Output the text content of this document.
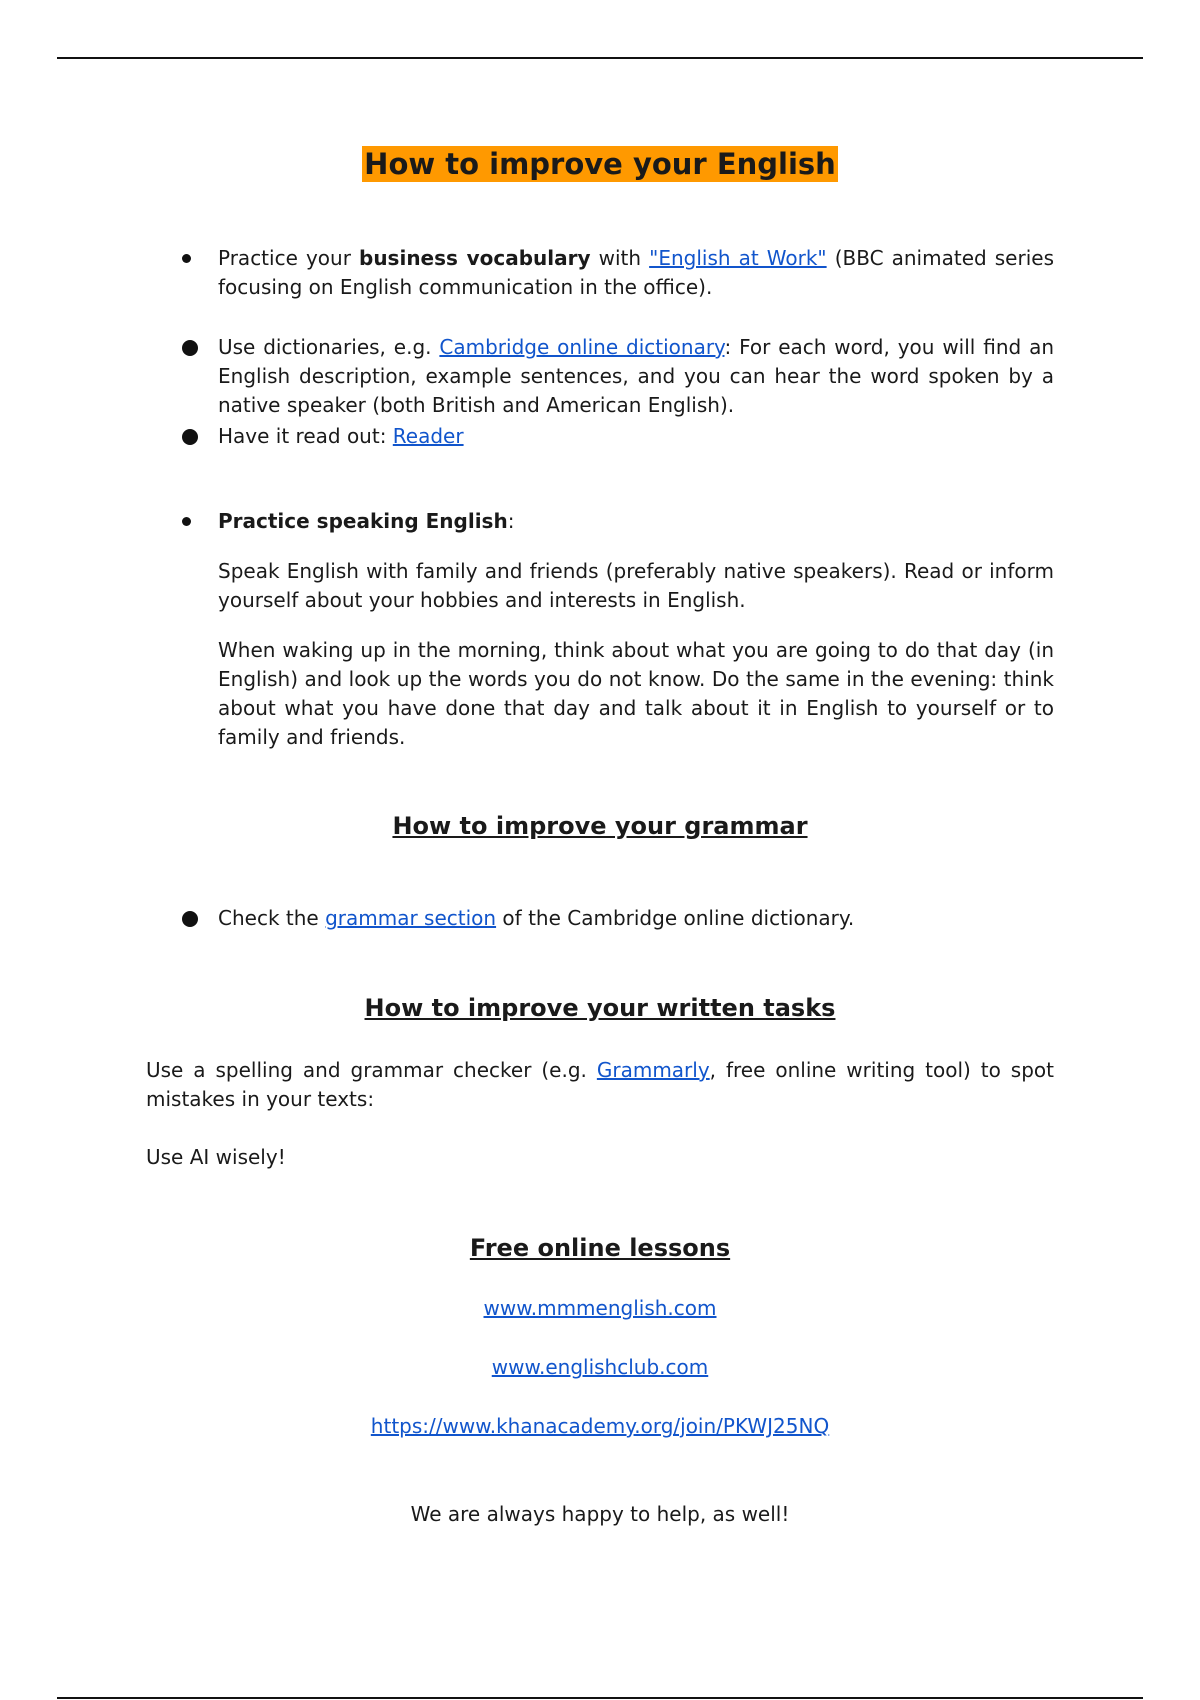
How to improve your English
Practice your business vocabulary with "English at Work" (BBC animated series focusing on English communication in the office).
Use dictionaries, e.g. Cambridge online dictionary: For each word, you will find an English description, example sentences, and you can hear the word spoken by a native speaker (both British and American English).
Have it read out: Reader
Practice speaking English:
Speak English with family and friends (preferably native speakers). Read or inform yourself about your hobbies and interests in English.
When waking up in the morning, think about what you are going to do that day (in English) and look up the words you do not know. Do the same in the evening: think about what you have done that day and talk about it in English to yourself or to family and friends.
How to improve your grammar
Check the grammar section of the Cambridge online dictionary.
How to improve your written tasks
Use a spelling and grammar checker (e.g. Grammarly, free online writing tool) to spot mistakes in your texts:
Use AI wisely!
Free online lessons
www.mmmenglish.com
www.englishclub.com
https://www.khanacademy.org/join/PKWJ25NQ
We are always happy to help, as well!
